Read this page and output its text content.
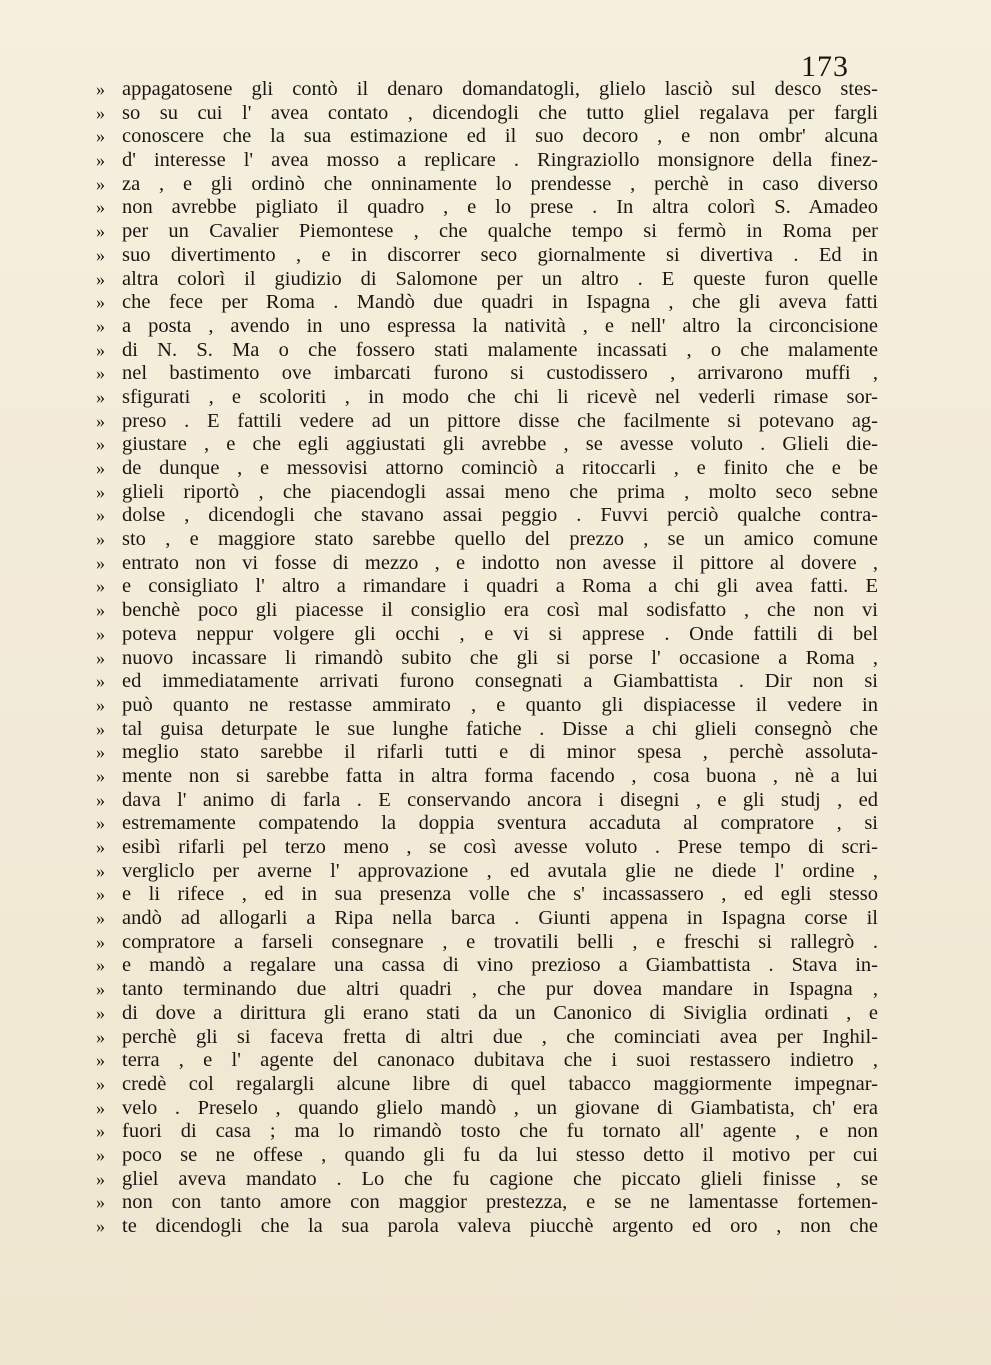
173
» appagatosene gli contò il denaro domandatogli, glielo lasciò sul desco stes-
» so su cui l' avea contato , dicendogli che tutto gliel regalava per fargli
» conoscere che la sua estimazione ed il suo decoro , e non ombr' alcuna
» d' interesse l' avea mosso a replicare . Ringraziollo monsignore della finez-
» za , e gli ordinò che onninamente lo prendesse , perchè in caso diverso
» non avrebbe pigliato il quadro , e lo prese . In altra colorì S. Amadeo
» per un Cavalier Piemontese , che qualche tempo si fermò in Roma per
» suo divertimento , e in discorrer seco giornalmente si divertiva . Ed in
» altra colorì il giudizio di Salomone per un altro . E queste furon quelle
» che fece per Roma . Mandò due quadri in Ispagna , che gli aveva fatti
» a posta , avendo in uno espressa la natività , e nell' altro la circoncisione
» di N. S. Ma o che fossero stati malamente incassati , o che malamente
» nel bastimento ove imbarcati furono si custodissero , arrivarono muffi ,
» sfigurati , e scoloriti , in modo che chi li ricevè nel vederli rimase sor-
» preso . E fattili vedere ad un pittore disse che facilmente si potevano ag-
» giustare , e che egli aggiustati gli avrebbe , se avesse voluto . Glieli die-
» de dunque , e messovisi attorno cominciò a ritoccarli , e finito che e be
» glieli riportò , che piacendogli assai meno che prima , molto seco sebne
» dolse , dicendogli che stavano assai peggio . Fuvvi perciò qualche contra-
» sto , e maggiore stato sarebbe quello del prezzo , se un amico comune
» entrato non vi fosse di mezzo , e indotto non avesse il pittore al dovere ,
» e consigliato l' altro a rimandare i quadri a Roma a chi gli avea fatti. E
» benchè poco gli piacesse il consiglio era così mal sodisfatto , che non vi
» poteva neppur volgere gli occhi , e vi si apprese . Onde fattili di bel
» nuovo incassare li rimandò subito che gli si porse l' occasione a Roma ,
» ed immediatamente arrivati furono consegnati a Giambattista . Dir non si
» può quanto ne restasse ammirato , e quanto gli dispiacesse il vedere in
» tal guisa deturpate le sue lunghe fatiche . Disse a chi glieli consegnò che
» meglio stato sarebbe il rifarli tutti e di minor spesa , perchè assoluta-
» mente non si sarebbe fatta in altra forma facendo , cosa buona , nè a lui
» dava l' animo di farla . E conservando ancora i disegni , e gli studj , ed
» estremamente compatendo la doppia sventura accaduta al compratore , si
» esibì rifarli pel terzo meno , se così avesse voluto . Prese tempo di scri-
» vergliclo per averne l' approvazione , ed avutala glie ne diede l' ordine ,
» e li rifece , ed in sua presenza volle che s' incassassero , ed egli stesso
» andò ad allogarli a Ripa nella barca . Giunti appena in Ispagna corse il
» compratore a farseli consegnare , e trovatili belli , e freschi si rallegrò .
» e mandò a regalare una cassa di vino prezioso a Giambattista . Stava in-
» tanto terminando due altri quadri , che pur dovea mandare in Ispagna ,
» di dove a dirittura gli erano stati da un Canonico di Siviglia ordinati , e
» perchè gli si faceva fretta di altri due , che cominciati avea per Inghil-
» terra , e l' agente del canonaco dubitava che i suoi restassero indietro ,
» credè col regalargli alcune libre di quel tabacco maggiormente impegnar-
» velo . Preselo , quando glielo mandò , un giovane di Giambatista, ch' era
» fuori di casa ; ma lo rimandò tosto che fu tornato all' agente , e non
» poco se ne offese , quando gli fu da lui stesso detto il motivo per cui
» gliel aveva mandato . Lo che fu cagione che piccato glieli finisse , se
» non con tanto amore con maggior prestezza, e se ne lamentasse fortemen-
» te dicendogli che la sua parola valeva piucchè argento ed oro , non che
